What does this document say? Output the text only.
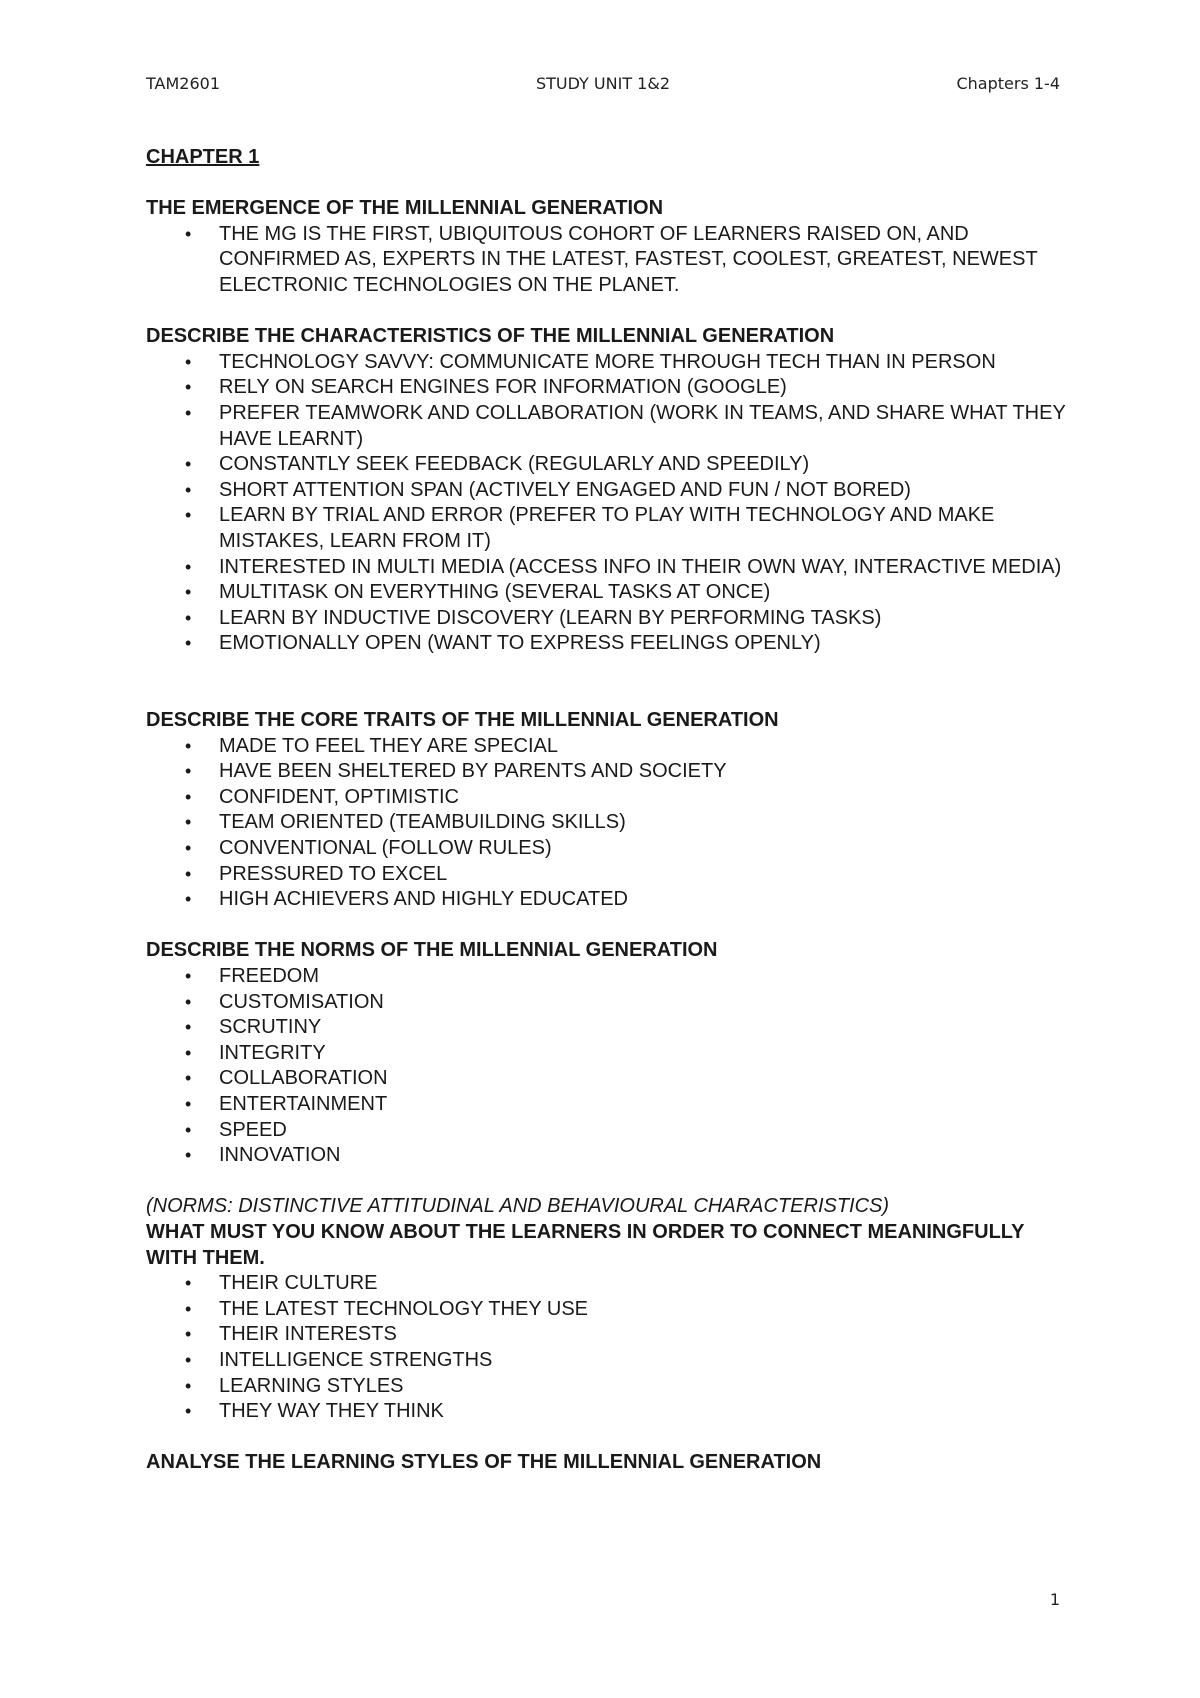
TAM2601	STUDY UNIT 1&2	Chapters 1-4

CHAPTER 1

THE EMERGENCE OF THE MILLENNIAL GENERATION

• THE MG IS THE FIRST, UBIQUITOUS COHORT OF LEARNERS RAISED ON, AND CONFIRMED AS, EXPERTS IN THE LATEST, FASTEST, COOLEST, GREATEST, NEWEST ELECTRONIC TECHNOLOGIES ON THE PLANET.

DESCRIBE THE CHARACTERISTICS OF THE MILLENNIAL GENERATION

• TECHNOLOGY SAVVY: COMMUNICATE MORE THROUGH TECH THAN IN PERSON
• RELY ON SEARCH ENGINES FOR INFORMATION (GOOGLE)
• PREFER TEAMWORK AND COLLABORATION (WORK IN TEAMS, AND SHARE WHAT THEY HAVE LEARNT)
• CONSTANTLY SEEK FEEDBACK (REGULARLY AND SPEEDILY)
• SHORT ATTENTION SPAN (ACTIVELY ENGAGED AND FUN / NOT BORED)
• LEARN BY TRIAL AND ERROR (PREFER TO PLAY WITH TECHNOLOGY AND MAKE MISTAKES, LEARN FROM IT)
• INTERESTED IN MULTI MEDIA (ACCESS INFO IN THEIR OWN WAY, INTERACTIVE MEDIA)
• MULTITASK ON EVERYTHING (SEVERAL TASKS AT ONCE)
• LEARN BY INDUCTIVE DISCOVERY (LEARN BY PERFORMING TASKS)
• EMOTIONALLY OPEN (WANT TO EXPRESS FEELINGS OPENLY)

DESCRIBE THE CORE TRAITS OF THE MILLENNIAL GENERATION

• MADE TO FEEL THEY ARE SPECIAL
• HAVE BEEN SHELTERED BY PARENTS AND SOCIETY
• CONFIDENT, OPTIMISTIC
• TEAM ORIENTED (TEAMBUILDING SKILLS)
• CONVENTIONAL (FOLLOW RULES)
• PRESSURED TO EXCEL
• HIGH ACHIEVERS AND HIGHLY EDUCATED

DESCRIBE THE NORMS OF THE MILLENNIAL GENERATION

• FREEDOM
• CUSTOMISATION
• SCRUTINY
• INTEGRITY
• COLLABORATION
• ENTERTAINMENT
• SPEED
• INNOVATION

(NORMS: DISTINCTIVE ATTITUDINAL AND BEHAVIOURAL CHARACTERISTICS)

WHAT MUST YOU KNOW ABOUT THE LEARNERS IN ORDER TO CONNECT MEANINGFULLY WITH THEM.

• THEIR CULTURE
• THE LATEST TECHNOLOGY THEY USE
• THEIR INTERESTS
• INTELLIGENCE STRENGTHS
• LEARNING STYLES
• THEY WAY THEY THINK

ANALYSE THE LEARNING STYLES OF THE MILLENNIAL GENERATION

1
